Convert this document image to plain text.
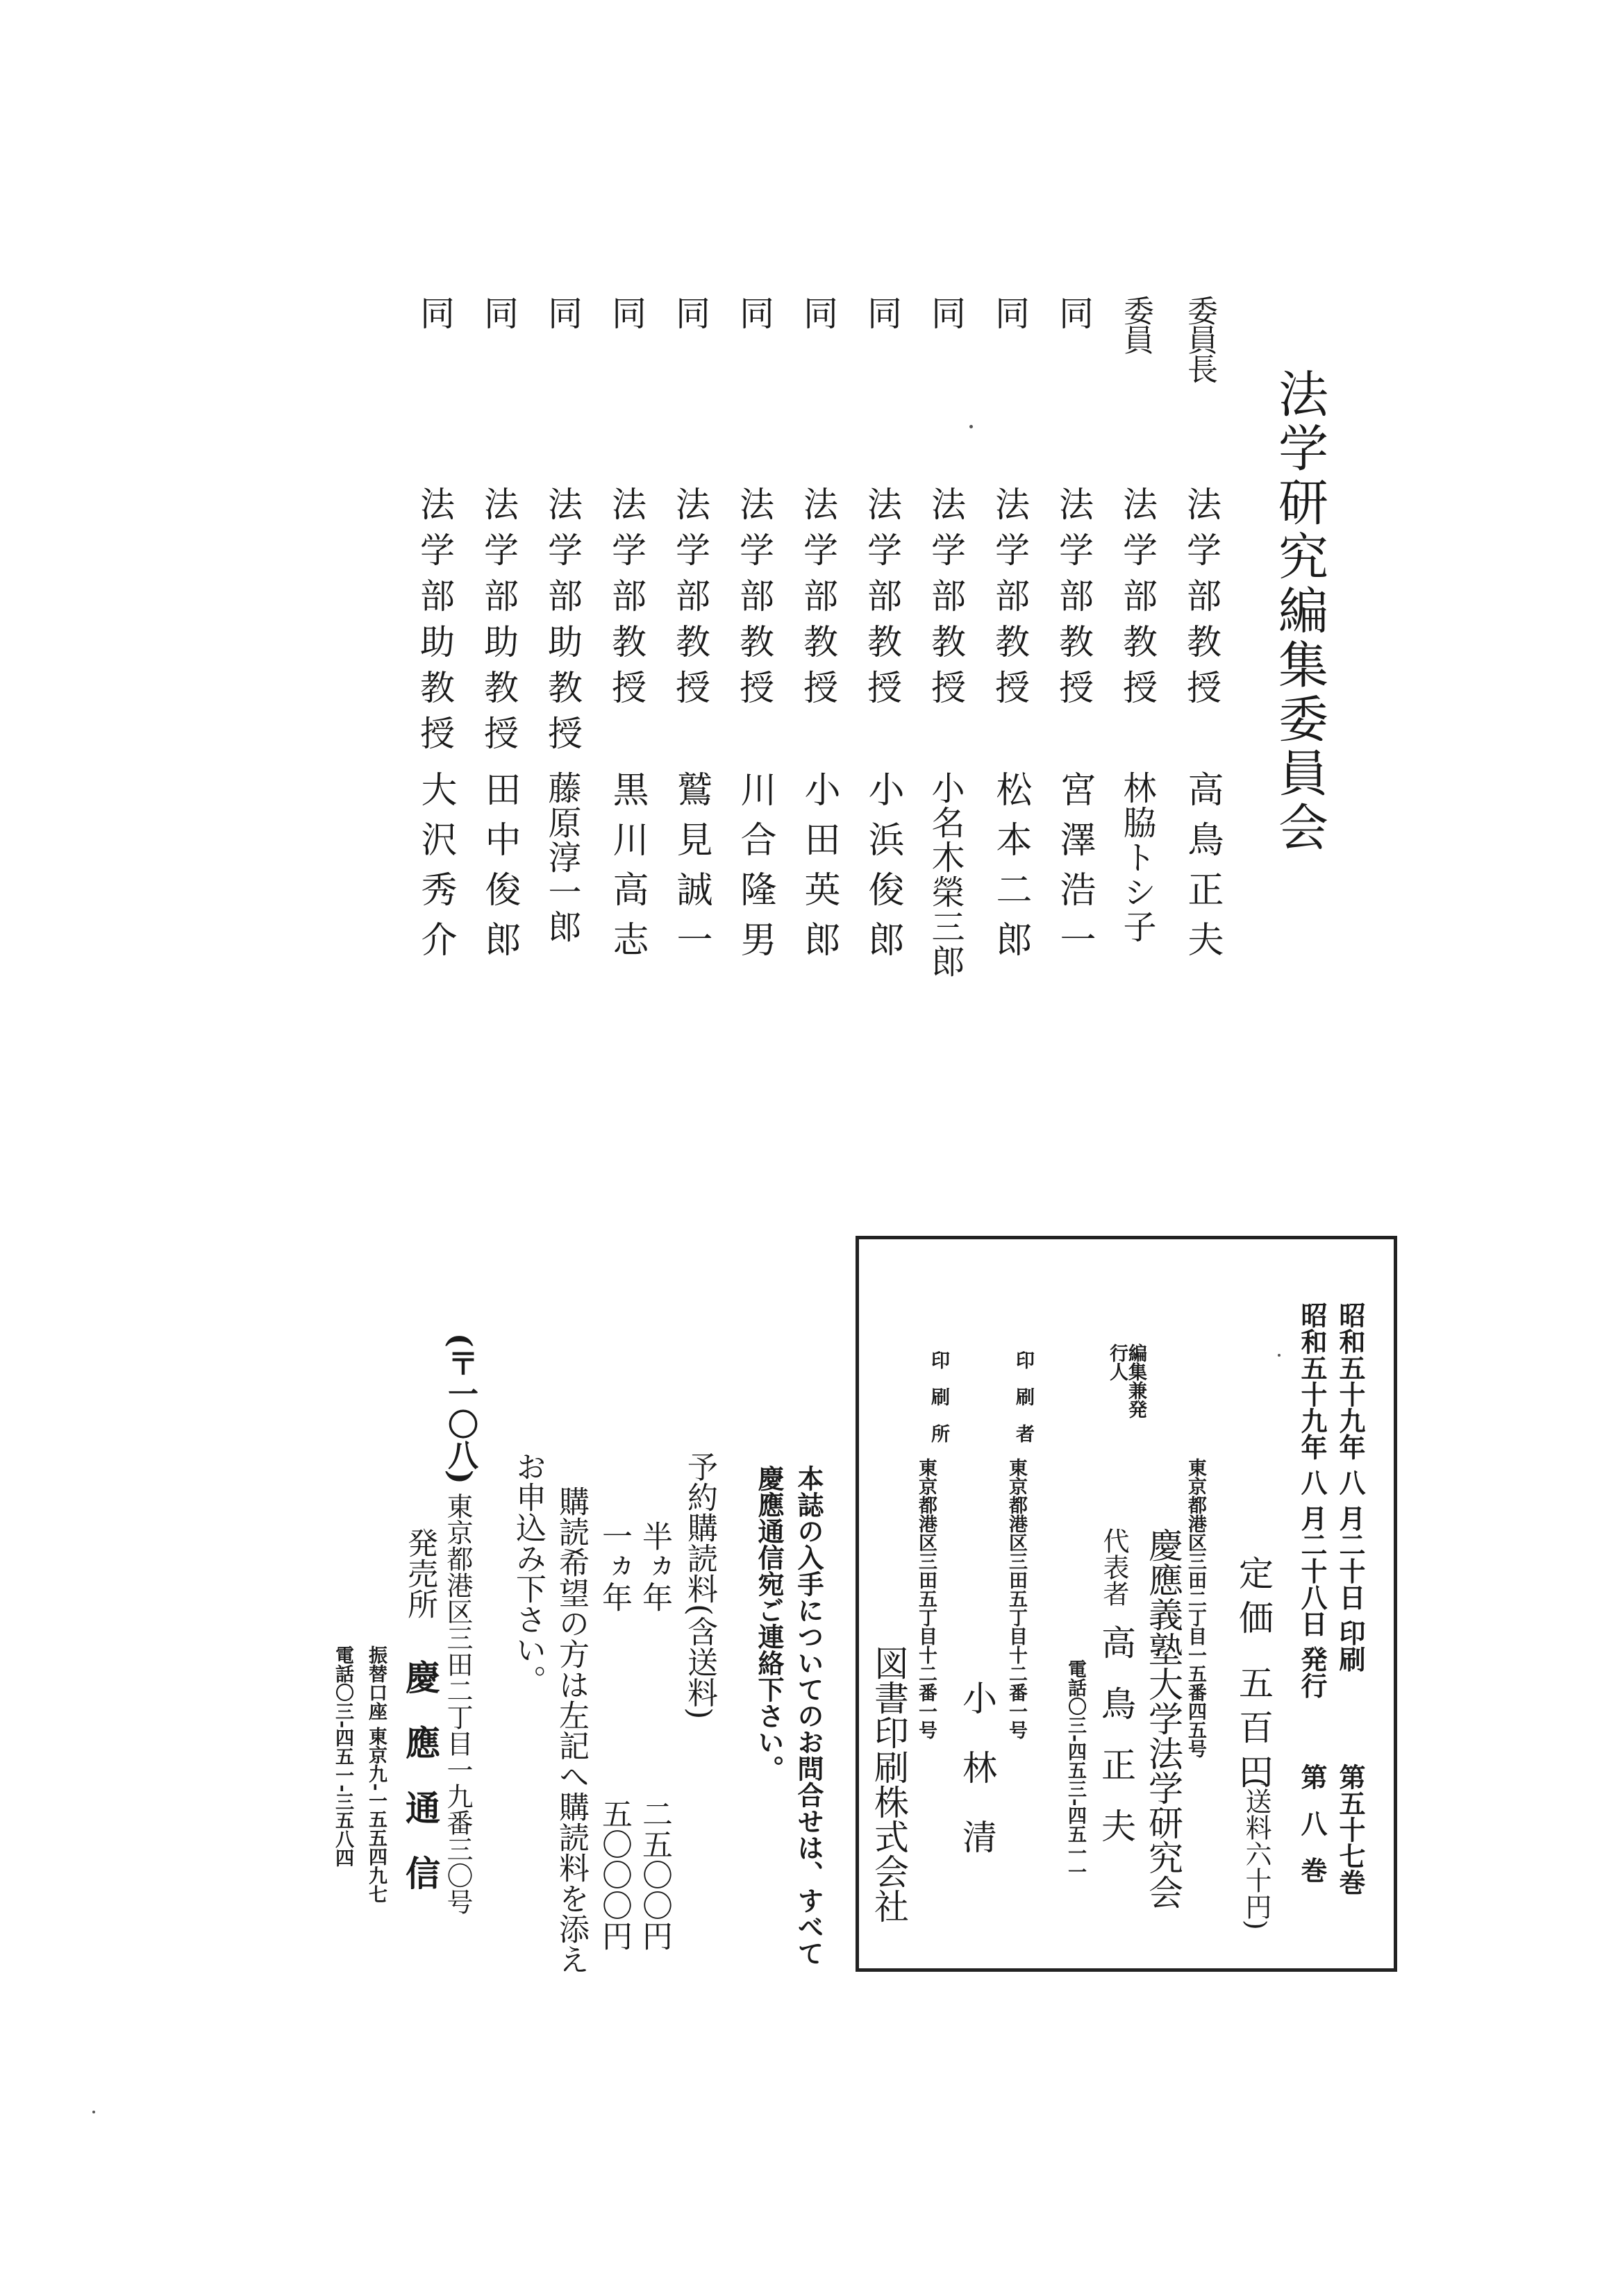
法学研究編集委員会
委員長
法学部教授
高鳥正夫
委員
法学部教授
林脇トシ子
同
法学部教授
宮澤浩一
同
法学部教授
松本二郎
同
法学部教授
小名木榮三郎
同
法学部教授
小浜俊郎
同
法学部教授
小田英郎
同
法学部教授
川合隆男
同
法学部教授
鷲見誠一
同
法学部教授
黒川高志
同
法学部助教授
藤原淳一郎
同
法学部助教授
田中俊郎
同
法学部助教授
大沢秀介
昭和五十九年 八 月二十日 印刷
昭和五十九年 八 月二十八日 発行
第五十七巻
第 八 巻
定価 五百円
(送料六十円)
東京都港区三田二丁目一五番四五号
慶應義塾大学法学研究会
編集兼発行人
代表者
高鳥正夫
電話〇三-四五三-四五一一
印刷者
東京都港区三田五丁目十二番一号
小林清
印刷所
東京都港区三田五丁目十二番一号
図書印刷株式会社
本誌の入手についてのお問合せは、すべて
慶應通信宛ご連絡下さい。
予約購読料(含送料)
半ヵ年
二五〇〇円
一ヵ年
五〇〇〇円
購読希望の方は左記へ購読料を添え
お申込み下さい。
(〒一〇八)
東京都港区三田二丁目一九番三〇号
発売所
慶應通信
振替口座 東京九-一五五四九七
電話〇三-四五一-三五八四
